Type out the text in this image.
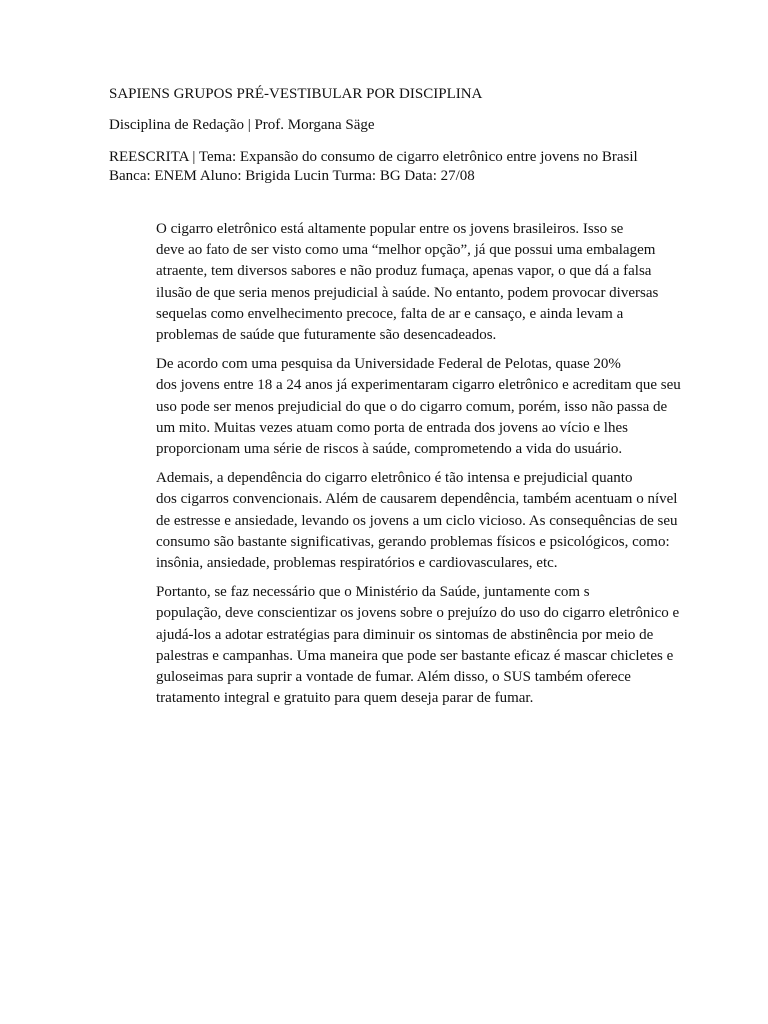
SAPIENS GRUPOS PRÉ-VESTIBULAR POR DISCIPLINA

Disciplina de Redação | Prof. Morgana Säge

REESCRITA | Tema: Expansão do consumo de cigarro eletrônico entre jovens no Brasil

Banca: ENEM Aluno: Brigida Lucin Turma: BG Data: 27/08

O cigarro eletrônico está altamente popular entre os jovens brasileiros. Isso se
deve ao fato de ser visto como uma “melhor opção”, já que possui uma embalagem
atraente, tem diversos sabores e não produz fumaça, apenas vapor, o que dá a falsa
ilusão de que seria menos prejudicial à saúde. No entanto, podem provocar diversas
sequelas como envelhecimento precoce, falta de ar e cansaço, e ainda levam a
problemas de saúde que futuramente são desencadeados.

De acordo com uma pesquisa da Universidade Federal de Pelotas, quase 20%
dos jovens entre 18 a 24 anos já experimentaram cigarro eletrônico e acreditam que seu
uso pode ser menos prejudicial do que o do cigarro comum, porém, isso não passa de
um mito. Muitas vezes atuam como porta de entrada dos jovens ao vício e lhes
proporcionam uma série de riscos à saúde, comprometendo a vida do usuário.

Ademais, a dependência do cigarro eletrônico é tão intensa e prejudicial quanto
dos cigarros convencionais. Além de causarem dependência, também acentuam o nível
de estresse e ansiedade, levando os jovens a um ciclo vicioso. As consequências de seu
consumo são bastante significativas, gerando problemas físicos e psicológicos, como:
insônia, ansiedade, problemas respiratórios e cardiovasculares, etc.

Portanto, se faz necessário que o Ministério da Saúde, juntamente com s
população, deve conscientizar os jovens sobre o prejuízo do uso do cigarro eletrônico e
ajudá-los a adotar estratégias para diminuir os sintomas de abstinência por meio de
palestras e campanhas. Uma maneira que pode ser bastante eficaz é mascar chicletes e
guloseimas para suprir a vontade de fumar. Além disso, o SUS também oferece
tratamento integral e gratuito para quem deseja parar de fumar.
